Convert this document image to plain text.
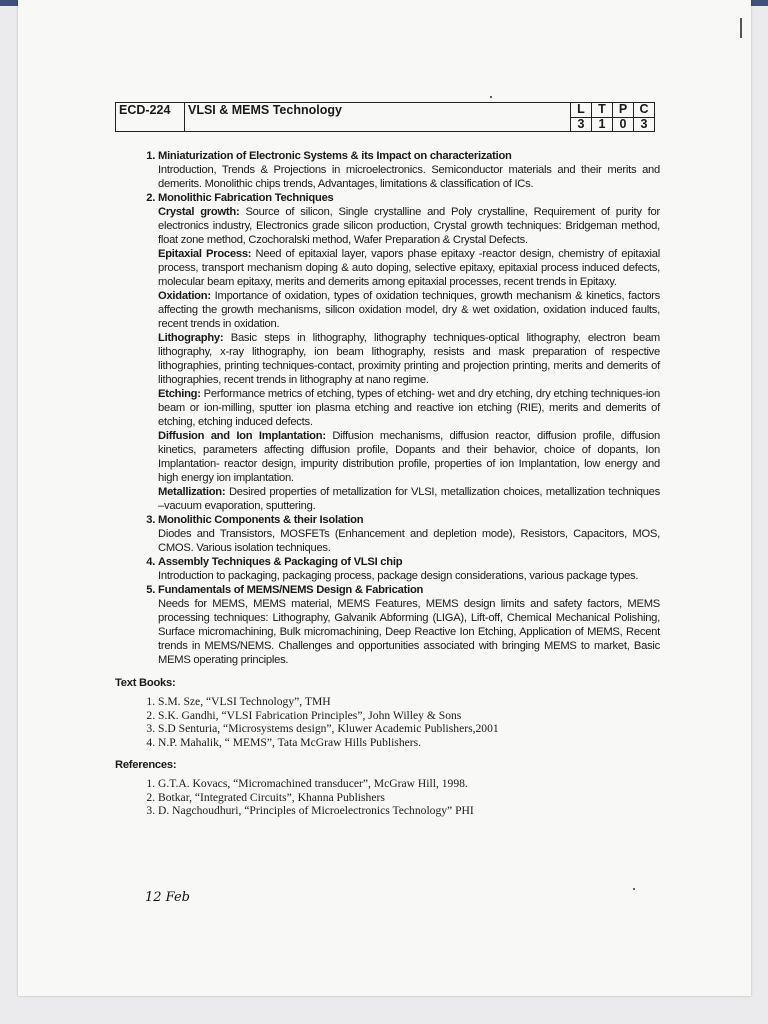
ECD-224	VLSI & MEMS Technology	L	T	P	C
		3	1	0	3
1. Miniaturization of Electronic Systems & its Impact on characterization

Introduction, Trends & Projections in microelectronics. Semiconductor materials and their merits and demerits. Monolithic chips trends, Advantages, limitations & classification of ICs.

2. Monolithic Fabrication Techniques

Crystal growth: Source of silicon, Single crystalline and Poly crystalline, Requirement of purity for electronics industry, Electronics grade silicon production, Crystal growth techniques: Bridgeman method, float zone method, Czochoralski method, Wafer Preparation & Crystal Defects.

Epitaxial Process: Need of epitaxial layer, vapors phase epitaxy -reactor design, chemistry of epitaxial process, transport mechanism doping & auto doping, selective epitaxy, epitaxial process induced defects, molecular beam epitaxy, merits and demerits among epitaxial processes, recent trends in Epitaxy.

Oxidation: Importance of oxidation, types of oxidation techniques, growth mechanism & kinetics, factors affecting the growth mechanisms, silicon oxidation model, dry & wet oxidation, oxidation induced faults, recent trends in oxidation.

Lithography: Basic steps in lithography, lithography techniques-optical lithography, electron beam lithography, x-ray lithography, ion beam lithography, resists and mask preparation of respective lithographies, printing techniques-contact, proximity printing and projection printing, merits and demerits of lithographies, recent trends in lithography at nano regime.

Etching: Performance metrics of etching, types of etching- wet and dry etching, dry etching techniques-ion beam or ion-milling, sputter ion plasma etching and reactive ion etching (RIE), merits and demerits of etching, etching induced defects.

Diffusion and Ion Implantation: Diffusion mechanisms, diffusion reactor, diffusion profile, diffusion kinetics, parameters affecting diffusion profile, Dopants and their behavior, choice of dopants, Ion Implantation- reactor design, impurity distribution profile, properties of ion Implantation, low energy and high energy ion implantation.

Metallization: Desired properties of metallization for VLSI, metallization choices, metallization techniques –vacuum evaporation, sputtering.

3. Monolithic Components & their Isolation

Diodes and Transistors, MOSFETs (Enhancement and depletion mode), Resistors, Capacitors, MOS, CMOS. Various isolation techniques.

4. Assembly Techniques & Packaging of VLSI chip

Introduction to packaging, packaging process, package design considerations, various package types.

5. Fundamentals of MEMS/NEMS Design & Fabrication

Needs for MEMS, MEMS material, MEMS Features, MEMS design limits and safety factors, MEMS processing techniques: Lithography, Galvanik Abforming (LIGA), Lift-off, Chemical Mechanical Polishing, Surface micromachining, Bulk micromachining, Deep Reactive Ion Etching, Application of MEMS, Recent trends in MEMS/NEMS. Challenges and opportunities associated with bringing MEMS to market, Basic MEMS operating principles.

Text Books:
1. S.M. Sze, “VLSI Technology”, TMH
2. S.K. Gandhi, “VLSI Fabrication Principles”, John Willey & Sons
3. S.D Senturia, “Microsystems design”, Kluwer Academic Publishers,2001
4. N.P. Mahalik, “ MEMS”, Tata McGraw Hills Publishers.
References:
1. G.T.A. Kovacs, “Micromachined transducer”, McGraw Hill, 1998.
2. Botkar, “Integrated Circuits”, Khanna Publishers
3. D. Nagchoudhuri, “Principles of Microelectronics Technology” PHI
12 Feb
